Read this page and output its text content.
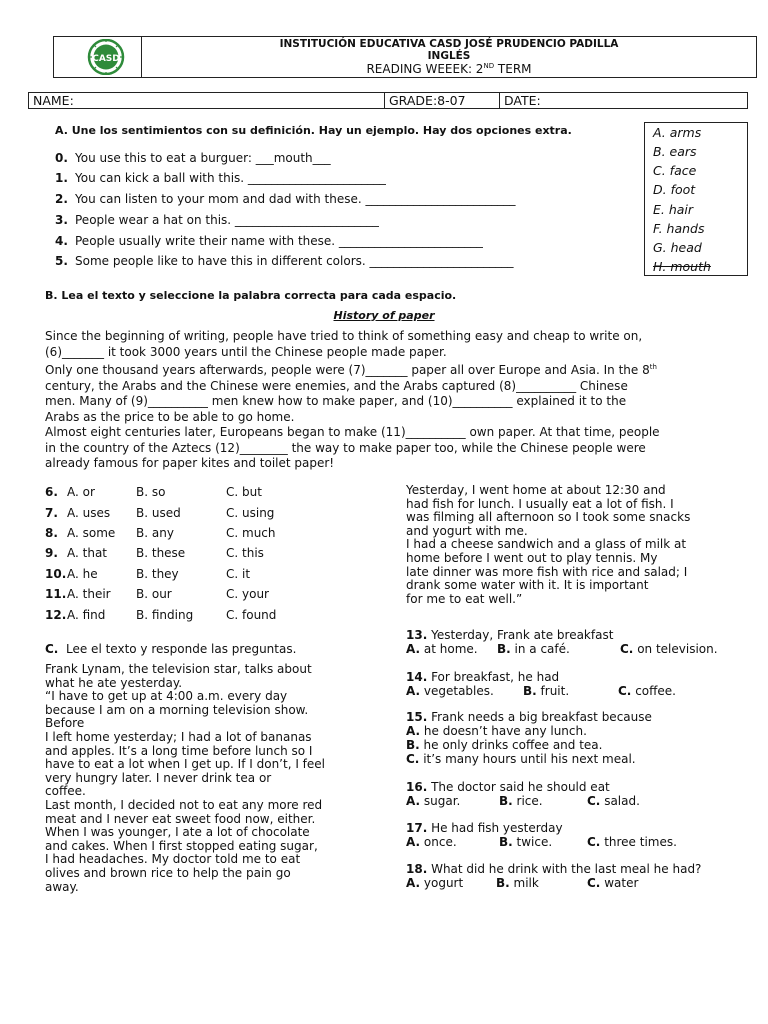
CASD
INSTITUCIÓN EDUCATIVA CASD JOSÉ PRUDENCIO PADILLA
INGLÉS
READING WEEEK: 2ND TERM
NAME:	GRADE:8-07	DATE:
A. Une los sentimientos con su definición. Hay un ejemplo. Hay dos opciones extra.
0. You use this to eat a burguer: ___mouth___
1. You can kick a ball with this. _______________________
2. You can listen to your mom and dad with these. _________________________
3. People wear a hat on this. ________________________
4. People usually write their name with these. ________________________
5. Some people like to have this in different colors. ________________________
A. arms
B. ears
C. face
D. foot
E. hair
F. hands
G. head
H. mouth
B. Lea el texto y seleccione la palabra correcta para cada espacio.
History of paper
Since the beginning of writing, people have tried to think of something easy and cheap to write on,
(6)_______ it took 3000 years until the Chinese people made paper.
Only one thousand years afterwards, people were (7)_______ paper all over Europe and Asia. In the 8th
century, the Arabs and the Chinese were enemies, and the Arabs captured (8)__________ Chinese
men. Many of (9)__________ men knew how to make paper, and (10)__________ explained it to the
Arabs as the price to be able to go home.
Almost eight centuries later, Europeans began to make (11)__________ own paper. At that time, people
in the country of the Aztecs (12)________ the way to make paper too, while the Chinese people were
already famous for paper kites and toilet paper!
6. A. or	B. so	C. but
7. A. uses B. used	C. using
8. A. some B. any	C. much
9. A. that B. these	C. this
10. A. he	B. they	C. it
11. A. their B. our	C. your
12. A. find	B. finding	C. found
C. Lee el texto y responde las preguntas.
Frank Lynam, the television star, talks about
what he ate yesterday.
“I have to get up at 4:00 a.m. every day
because I am on a morning television show.
Before
I left home yesterday; I had a lot of bananas
and apples. It’s a long time before lunch so I
have to eat a lot when I get up. If I don’t, I feel
very hungry later. I never drink tea or
coffee.
Last month, I decided not to eat any more red
meat and I never eat sweet food now, either.
When I was younger, I ate a lot of chocolate
and cakes. When I first stopped eating sugar,
I had headaches. My doctor told me to eat
olives and brown rice to help the pain go
away.
Yesterday, I went home at about 12:30 and
had fish for lunch. I usually eat a lot of fish. I
was filming all afternoon so I took some snacks
and yogurt with me.
I had a cheese sandwich and a glass of milk at
home before I went out to play tennis. My
late dinner was more fish with rice and salad; I
drank some water with it. It is important
for me to eat well.”
13. Yesterday, Frank ate breakfast
A. at home. B. in a café.	C. on television.
14. For breakfast, he had
A. vegetables. B. fruit.	C. coffee.
15. Frank needs a big breakfast because
A. he doesn’t have any lunch.
B. he only drinks coffee and tea.
C. it’s many hours until his next meal.
16. The doctor said he should eat
A. sugar.	B. rice.	C. salad.
17. He had fish yesterday
A. once.	B. twice.	C. three times.
18. What did he drink with the last meal he had?
A. yogurt	B. milk	C. water
